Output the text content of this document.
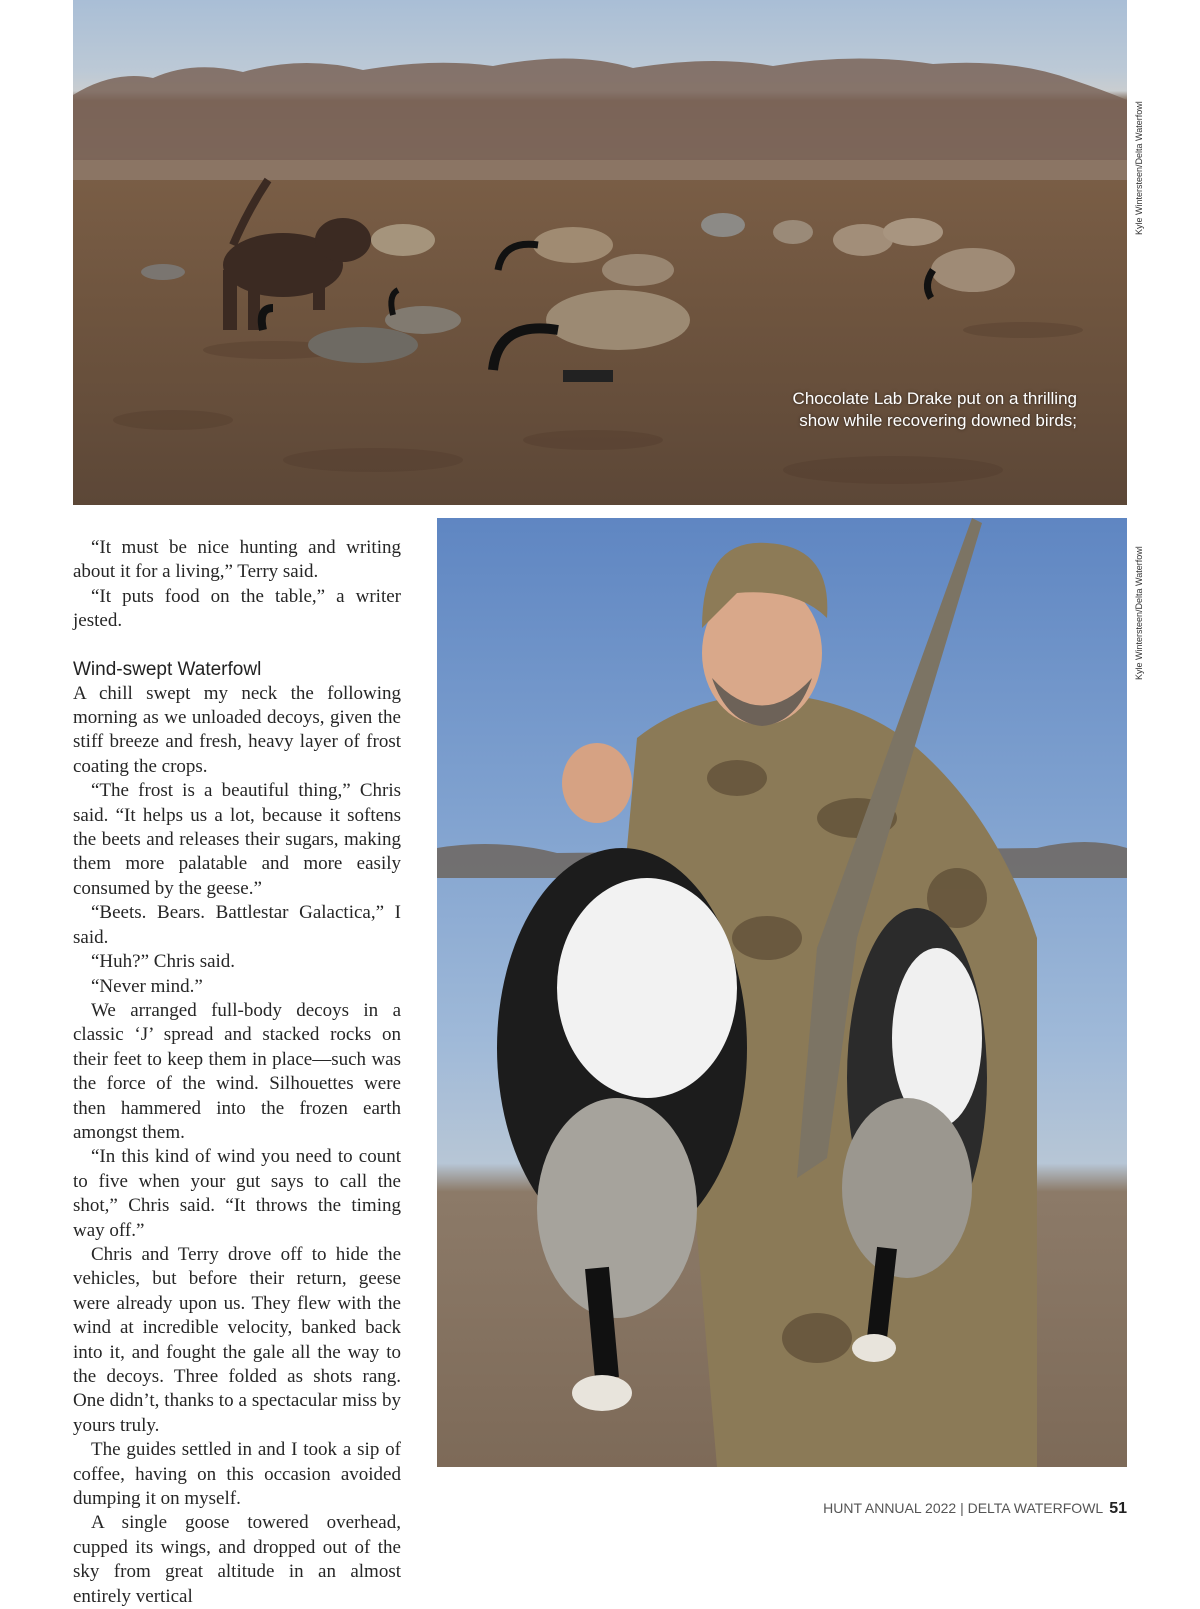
Chocolate Lab Drake put on a thrilling
show while recovering downed birds;
Kyle Wintersteen/Delta Waterfowl
Kyle Wintersteen/Delta Waterfowl

“It must be nice hunting and writing about it for a living,” Terry said.

“It puts food on the table,” a writer jested.

Wind-swept Waterfowl

A chill swept my neck the following morning as we unloaded decoys, given the stiff breeze and fresh, heavy layer of frost coating the crops.

“The frost is a beautiful thing,” Chris said. “It helps us a lot, because it softens the beets and releases their sugars, making them more palatable and more easily consumed by the geese.”

“Beets. Bears. Battlestar Galactica,” I said.

“Huh?” Chris said.

“Never mind.”

We arranged full-body decoys in a classic ‘J’ spread and stacked rocks on their feet to keep them in place—such was the force of the wind. Silhouettes were then hammered into the frozen earth amongst them.

“In this kind of wind you need to count to five when your gut says to call the shot,” Chris said. “It throws the timing way off.”

Chris and Terry drove off to hide the vehicles, but before their return, geese were already upon us. They flew with the wind at incredible velocity, banked back into it, and fought the gale all the way to the decoys. Three folded as shots rang. One didn’t, thanks to a spectacular miss by yours truly.

The guides settled in and I took a sip of coffee, having on this occasion avoided dumping it on myself.

A single goose towered overhead, cupped its wings, and dropped out of the sky from great altitude in an almost entirely vertical

HUNT ANNUAL 2022 | DELTA WATERFOWL 51
